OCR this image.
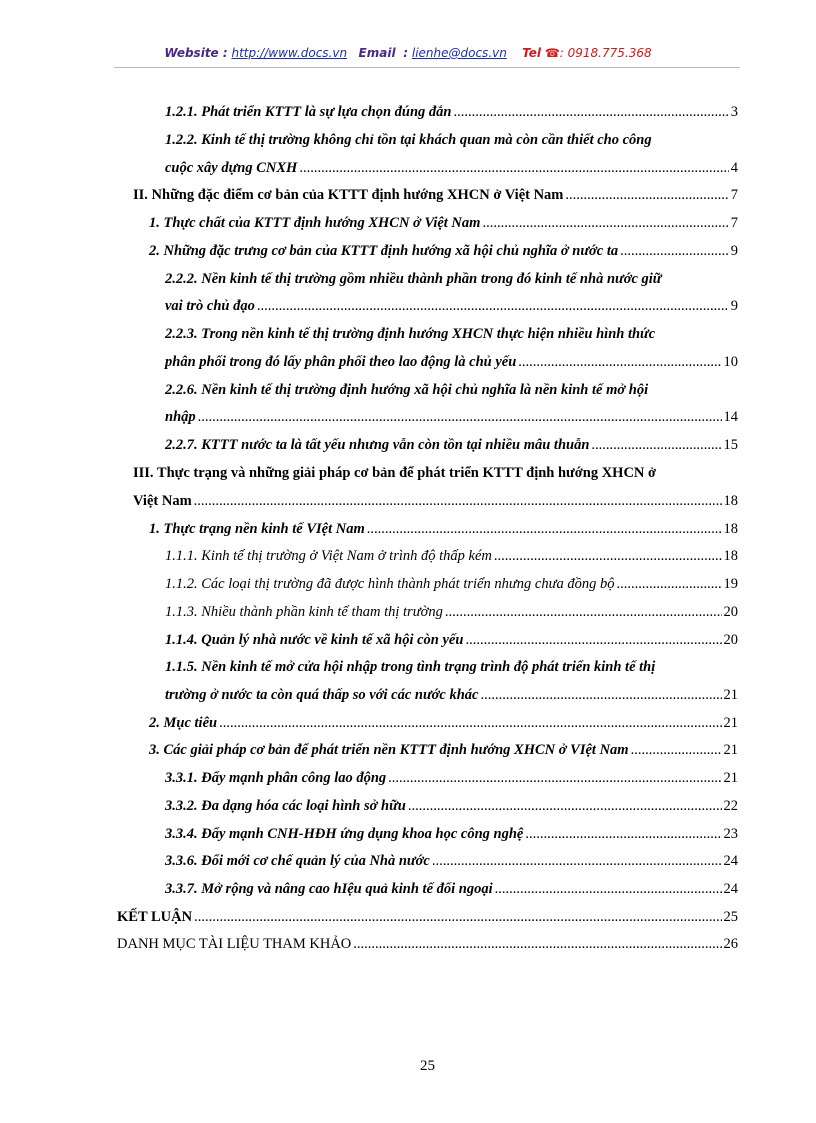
Website : http://www.docs.vn Email : lienhe@docs.vn Tel ☎: 0918.775.368
1.2.1. Phát triển KTTT là sự lựa chọn đúng đắn .....	3
1.2.2. Kinh tế thị trường không chỉ tồn tại khách quan mà còn cần thiết cho công
cuộc xây dựng CNXH .....	4
II. Những đặc điểm cơ bản của KTTT định hướng XHCN ở Việt Nam .....	7
1. Thực chất của KTTT định hướng XHCN ở Việt Nam .....	7
2. Những đặc trưng cơ bản của KTTT định hướng xã hội chủ nghĩa ở nước ta .....	9
2.2.2. Nền kinh tế thị trường gồm nhiều thành phần trong đó kinh tế nhà nước giữ
vai trò chủ đạo .....	9
2.2.3. Trong nền kinh tế thị trường định hướng XHCN thực hiện nhiều hình thức
phân phối trong đó lấy phân phối theo lao động là chủ yếu .....	10
2.2.6. Nền kinh tế thị trường định hướng xã hội chủ nghĩa là nền kinh tế mở hội
nhập .....	14
2.2.7. KTTT nước ta là tất yếu nhưng vẫn còn tồn tại nhiều mâu thuẫn .....	15
III. Thực trạng và những giải pháp cơ bản để phát triển KTTT định hướng XHCN ở
Việt Nam .....	18
1. Thực trạng nền kinh tế VIệt Nam .....	18
1.1.1. Kinh tế thị trường ở Việt Nam ở trình độ thấp kém .....	18
1.1.2. Các loại thị trường đã được hình thành phát triển nhưng chưa đồng bộ .....	19
1.1.3. Nhiều thành phần kinh tế tham thị trường .....	20
1.1.4. Quản lý nhà nước về kinh tế xã hội còn yếu .....	20
1.1.5. Nền kinh tế mở cửa hội nhập trong tình trạng trình độ phát triển kinh tế thị
trường ở nước ta còn quá thấp so với các nước khác .....	21
2. Mục tiêu .....	21
3. Các giải pháp cơ bản để phát triển nền KTTT định hướng XHCN ở VIệt Nam .....	21
3.3.1. Đẩy mạnh phân công lao động .....	21
3.3.2. Đa dạng hóa các loại hình sở hữu .....	22
3.3.4. Đẩy mạnh CNH-HĐH ứng dụng khoa học công nghệ .....	23
3.3.6. Đổi mới cơ chế quản lý của Nhà nước .....	24
3.3.7. Mở rộng và nâng cao hIệu quả kinh tế đối ngoại .....	24
KẾT LUẬN .....	25
DANH MỤC TÀI LIỆU THAM KHẢO .....	26
25
